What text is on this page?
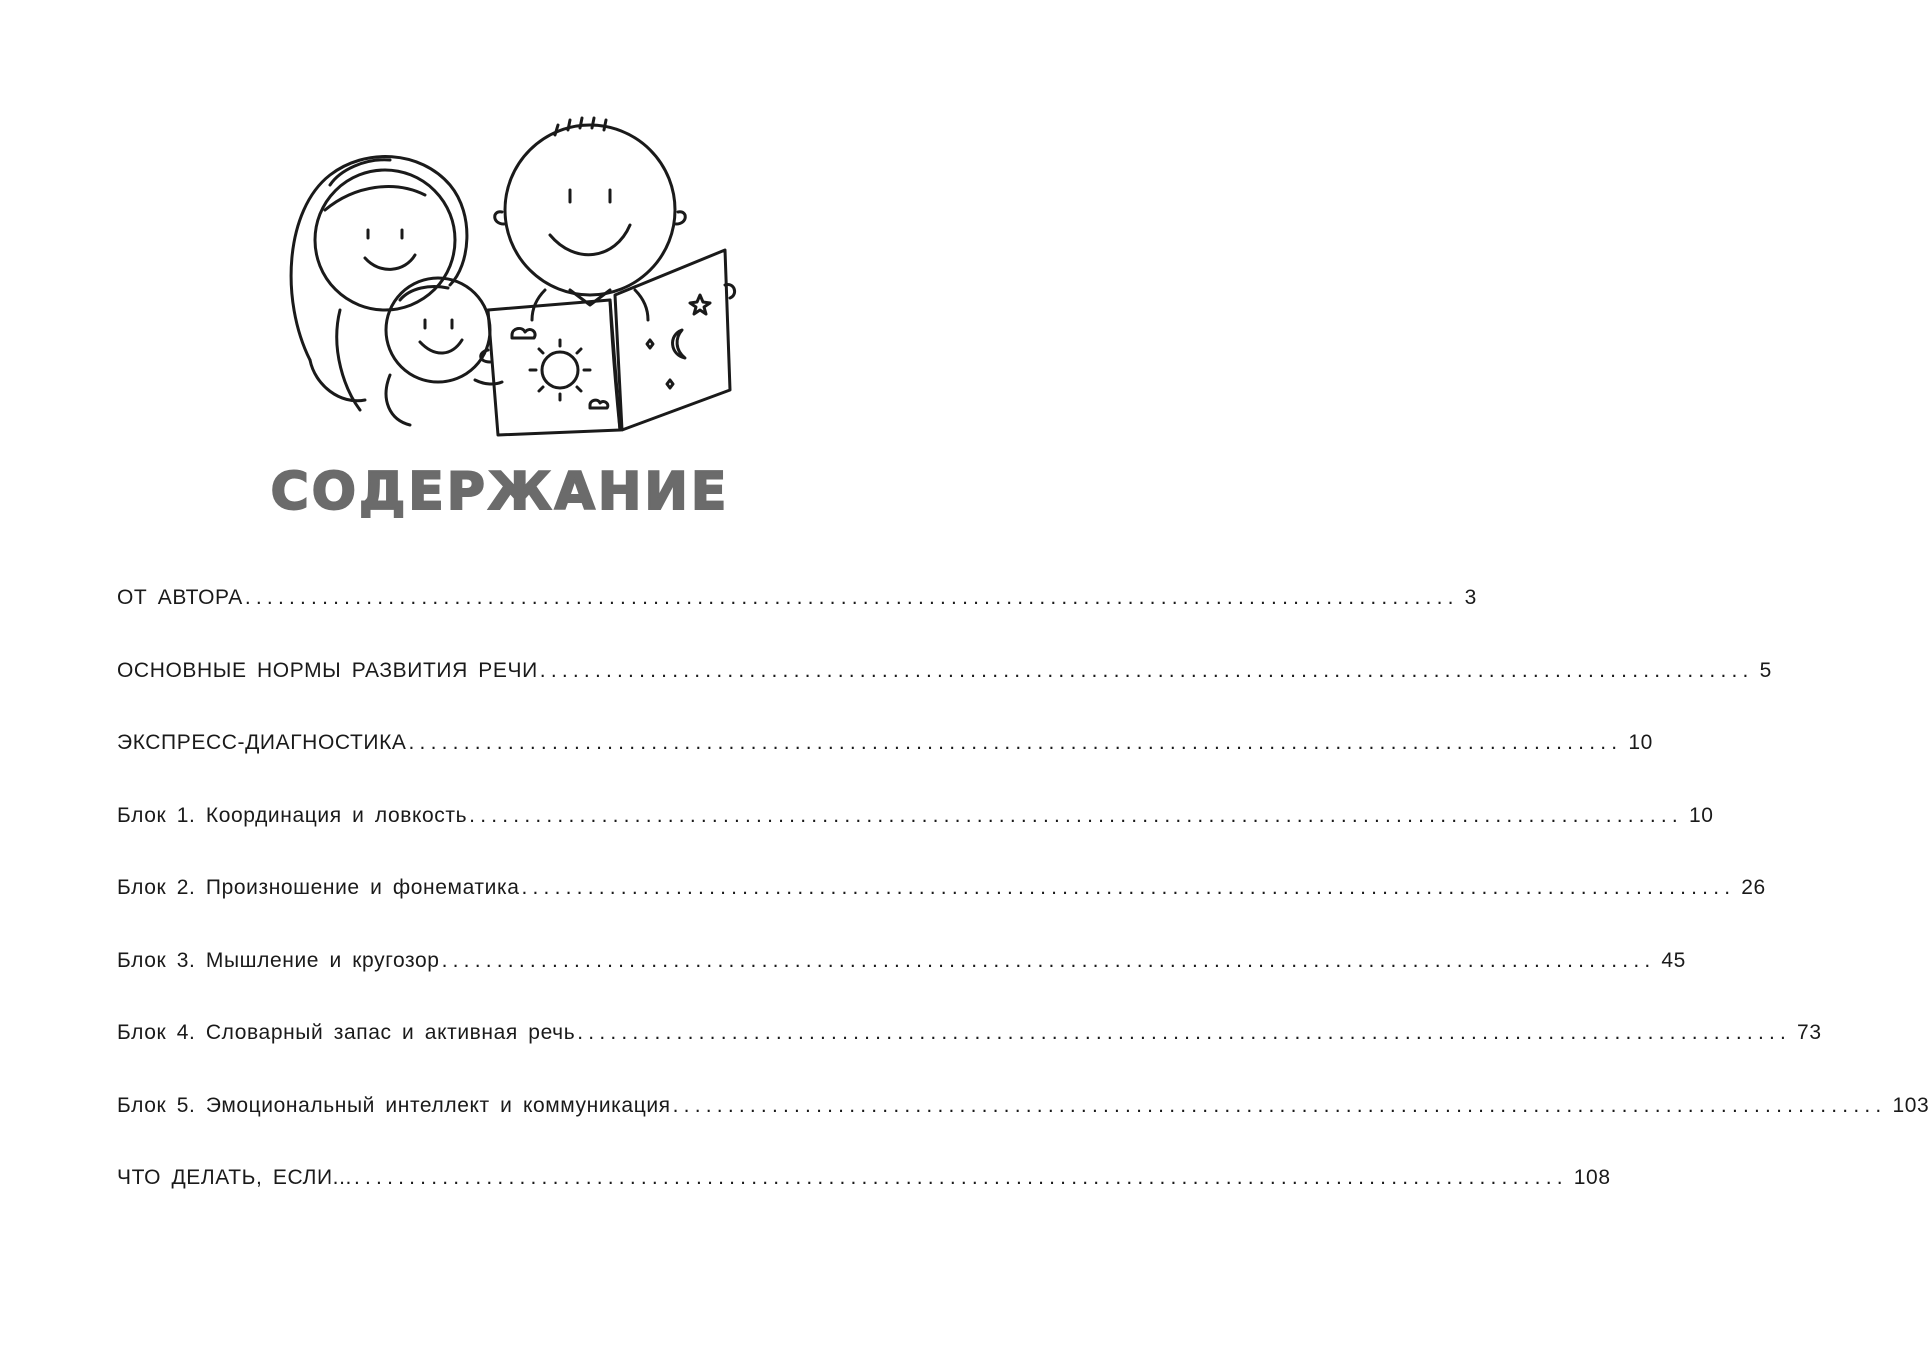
СОДЕРЖАНИЕ
ОТ АВТОРА .............................................................................................................. 3
ОСНОВНЫЕ НОРМЫ РАЗВИТИЯ РЕЧИ .............................................................................................................. 5
ЭКСПРЕСС-ДИАГНОСТИКА .............................................................................................................. 10
Блок 1. Координация и ловкость .............................................................................................................. 10
Блок 2. Произношение и фонематика .............................................................................................................. 26
Блок 3. Мышление и кругозор .............................................................................................................. 45
Блок 4. Словарный запас и активная речь .............................................................................................................. 73
Блок 5. Эмоциональный интеллект и коммуникация .............................................................................................................. 103
ЧТО ДЕЛАТЬ, ЕСЛИ... .............................................................................................................. 108
